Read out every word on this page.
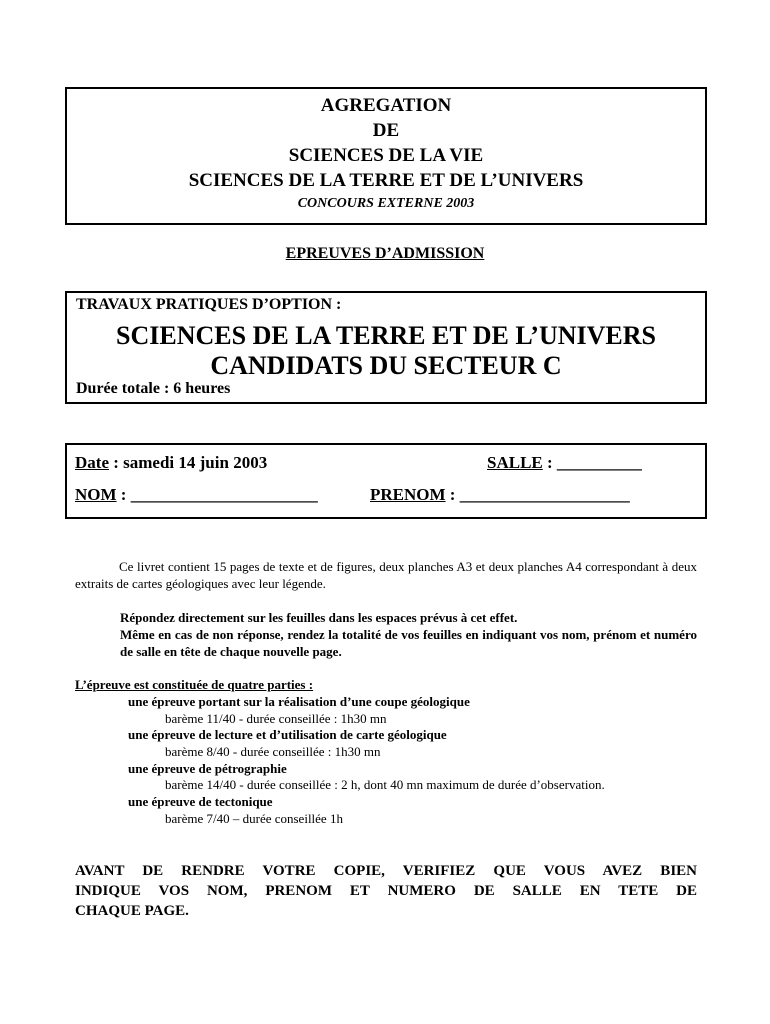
AGREGATION
DE
SCIENCES DE LA VIE
SCIENCES DE LA TERRE ET DE L’UNIVERS
CONCOURS EXTERNE 2003
EPREUVES D’ADMISSION
TRAVAUX PRATIQUES D’OPTION :
SCIENCES DE LA TERRE ET DE L’UNIVERS
CANDIDATS DU SECTEUR C
Durée totale : 6 heures
Date : samedi 14 juin 2003	SALLE : __________
NOM : ______________________	PRENOM : ____________________
Ce livret contient 15 pages de texte et de figures, deux planches A3 et deux planches A4 correspondant à deux extraits de cartes géologiques avec leur légende.
Répondez directement sur les feuilles dans les espaces prévus à cet effet.
Même en cas de non réponse, rendez la totalité de vos feuilles en indiquant vos nom, prénom et numéro de salle en tête de chaque nouvelle page.
L’épreuve est constituée de quatre parties :
une épreuve portant sur la réalisation d’une coupe géologique
barème 11/40 - durée conseillée : 1h30 mn
une épreuve de lecture et d’utilisation de carte géologique
barème 8/40 - durée conseillée : 1h30 mn
une épreuve de pétrographie
barème 14/40 - durée conseillée : 2 h, dont 40 mn maximum de durée d’observation.
une épreuve de tectonique
barème 7/40 – durée conseillée 1h
AVANT DE RENDRE VOTRE COPIE, VERIFIEZ QUE VOUS AVEZ BIEN
INDIQUE VOS NOM, PRENOM ET NUMERO DE SALLE EN TETE DE
CHAQUE PAGE.
